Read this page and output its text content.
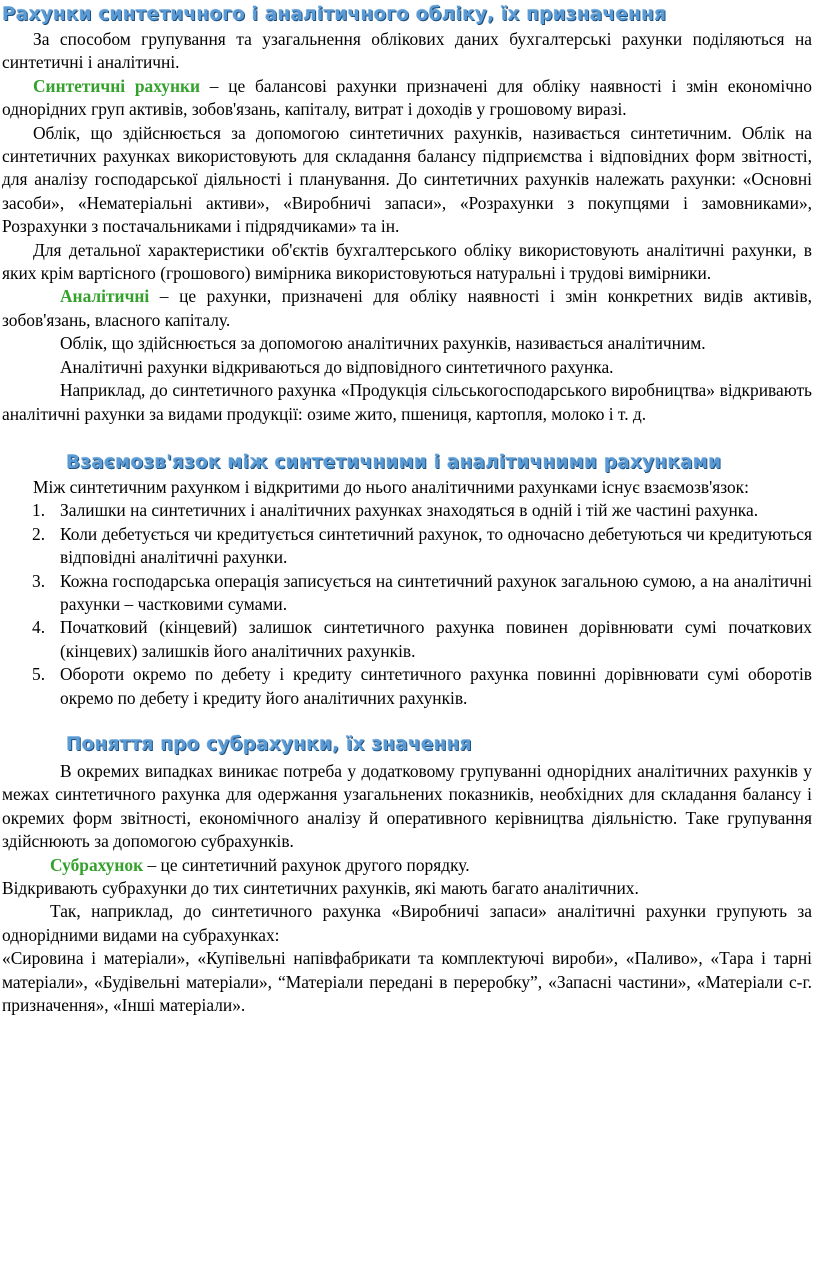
Рахунки синтетичного і аналітичного обліку, їх призначення

За способом групування та узагальнення облікових даних бухгалтерські рахунки поділяються на синтетичні і аналітичні.

Синтетичні рахунки – це балансові рахунки призначені для обліку наявності і змін економічно однорідних груп активів, зобов'язань, капіталу, витрат і доходів у грошовому виразі.

Облік, що здійснюється за допомогою синтетичних рахунків, називається синтетичним. Облік на синтетичних рахунках використовують для складання балансу підприємства і відповідних форм звітності, для аналізу господарської діяльності і планування. До синтетичних рахунків належать рахунки: «Основні засоби», «Нематеріальні активи», «Виробничі запаси», «Розрахунки з покупцями і замовниками», Розрахунки з постачальниками і підрядчиками» та ін.

Для детальної характеристики об'єктів бухгалтерського обліку використовують аналітичні рахунки, в яких крім вартісного (грошового) вимірника використовуються натуральні і трудові вимірники.

Аналітичні – це рахунки, призначені для обліку наявності і змін конкретних видів активів, зобов'язань, власного капіталу.

Облік, що здійснюється за допомогою аналітичних рахунків, називається аналітичним.

Аналітичні рахунки відкриваються до відповідного синтетичного рахунка.

Наприклад, до синтетичного рахунка «Продукція сільськогосподарського виробництва» відкривають аналітичні рахунки за видами продукції: озиме жито, пшениця, картопля, молоко і т. д.

Взаємозв'язок між синтетичними і аналітичними рахунками

Між синтетичним рахунком і відкритими до нього аналітичними рахунками існує взаємозв'язок:

1. Залишки на синтетичних і аналітичних рахунках знаходяться в одній і тій же частині рахунка.
2. Коли дебетується чи кредитується синтетичний рахунок, то одночасно дебетуються чи кредитуються відповідні аналітичні рахунки.
3. Кожна господарська операція записується на синтетичний рахунок загальною сумою, а на аналітичні рахунки – частковими сумами.
4. Початковий (кінцевий) залишок синтетичного рахунка повинен дорівнювати сумі початкових (кінцевих) залишків його аналітичних рахунків.
5. Обороти окремо по дебету і кредиту синтетичного рахунка повинні дорівнювати сумі оборотів окремо по дебету і кредиту його аналітичних рахунків.
Поняття про субрахунки, їх значення

В окремих випадках виникає потреба у додатковому групуванні однорідних аналітичних рахунків у межах синтетичного рахунка для одержання узагальнених показників, необхідних для складання балансу і окремих форм звітності, економічного аналізу й оперативного керівництва діяльністю. Таке групування здійснюють за допомогою субрахунків.

Субрахунок – це синтетичний рахунок другого порядку.

Відкривають субрахунки до тих синтетичних рахунків, які мають багато аналітичних.

Так, наприклад, до синтетичного рахунка «Виробничі запаси» аналітичні рахунки групують за однорідними видами на субрахунках:

«Сировина і матеріали», «Купівельні напівфабрикати та комплектуючі вироби», «Паливо», «Тара і тарні матеріали», «Будівельні матеріали», “Матеріали передані в переробку”, «Запасні частини», «Матеріали с-г. призначення», «Інші матеріали».
